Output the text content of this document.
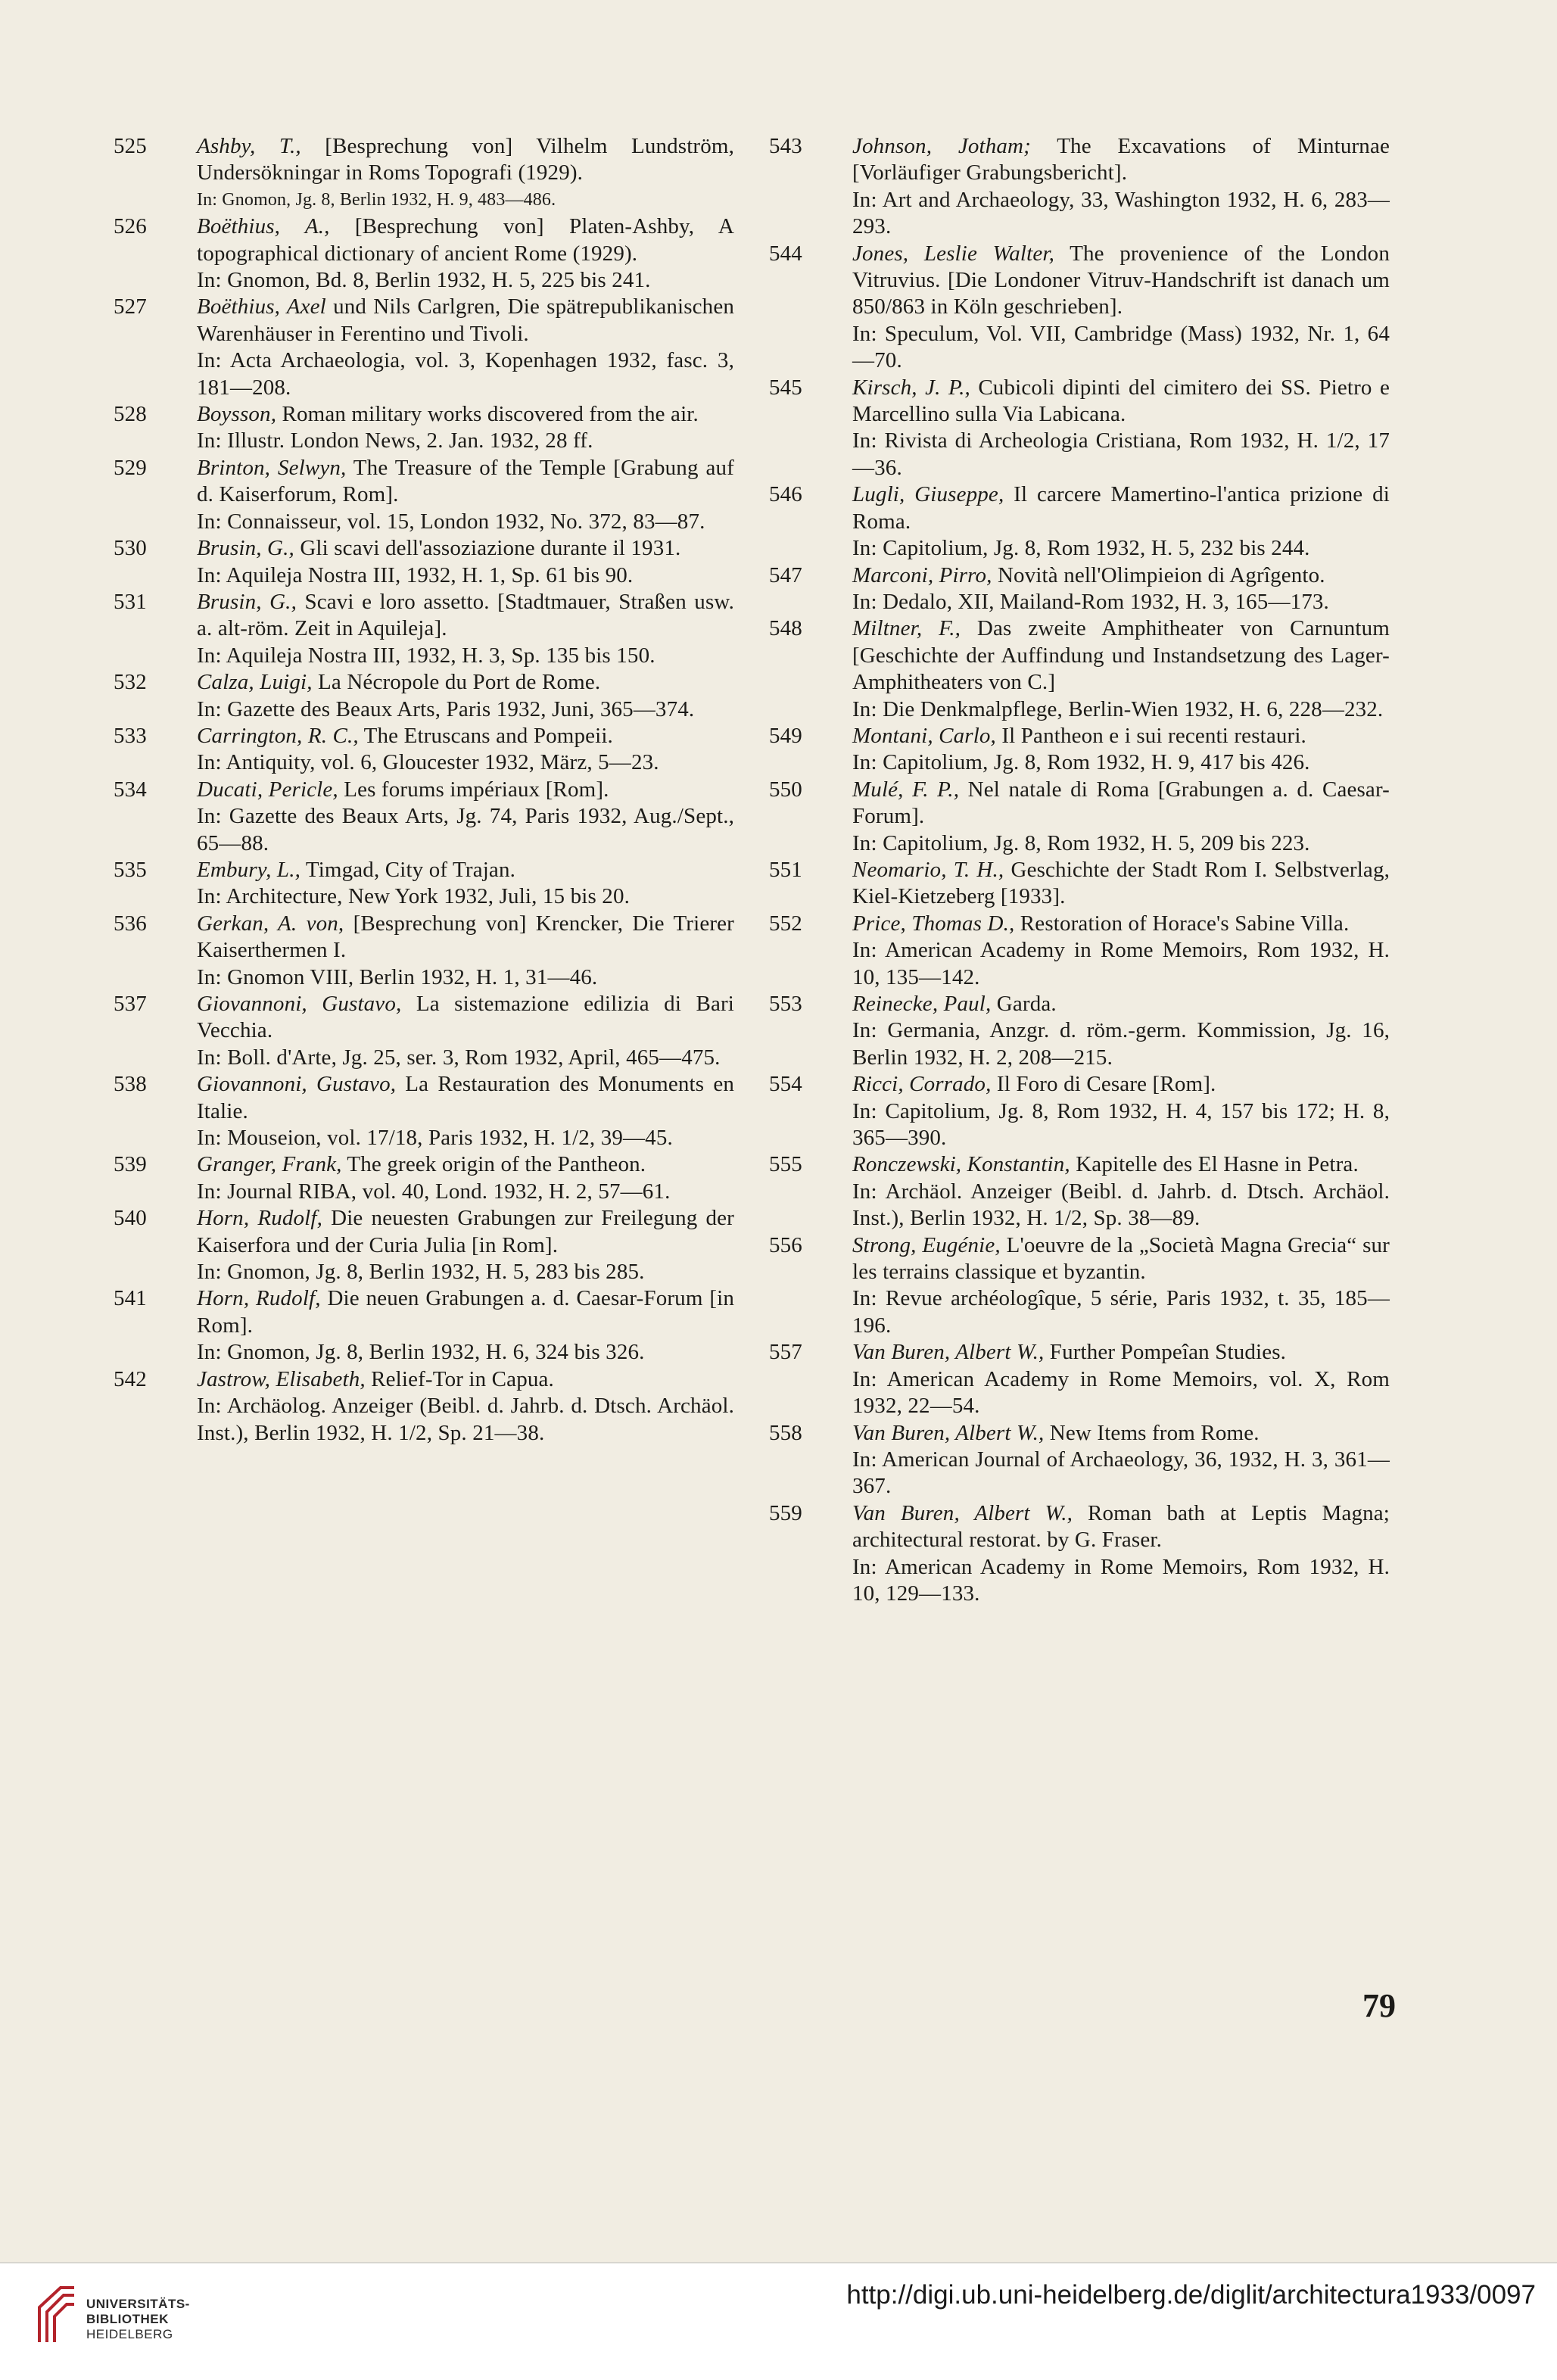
525	Ashby, T., [Besprechung von] Vilhelm Lundström, Undersökningar in Roms Topografi (1929).
In: Gnomon, Jg. 8, Berlin 1932, H. 9, 483—486.
526	Boëthius, A., [Besprechung von] Platen-Ashby, A topographical dictionary of ancient Rome (1929).
In: Gnomon, Bd. 8, Berlin 1932, H. 5, 225 bis 241.
527	Boëthius, Axel und Nils Carlgren, Die spätrepublikanischen Warenhäuser in Ferentino und Tivoli.
In: Acta Archaeologia, vol. 3, Kopenhagen 1932, fasc. 3, 181—208.
528	Boysson, Roman military works discovered from the air.
In: Illustr. London News, 2. Jan. 1932, 28 ff.
529	Brinton, Selwyn, The Treasure of the Temple [Grabung auf d. Kaiserforum, Rom].
In: Connaisseur, vol. 15, London 1932, No. 372, 83—87.
530	Brusin, G., Gli scavi dell'assoziazione durante il 1931.
In: Aquileja Nostra III, 1932, H. 1, Sp. 61 bis 90.
531	Brusin, G., Scavi e loro assetto. [Stadtmauer, Straßen usw. a. alt-röm. Zeit in Aquileja].
In: Aquileja Nostra III, 1932, H. 3, Sp. 135 bis 150.
532	Calza, Luigi, La Nécropole du Port de Rome.
In: Gazette des Beaux Arts, Paris 1932, Juni, 365—374.
533	Carrington, R. C., The Etruscans and Pompeii.
In: Antiquity, vol. 6, Gloucester 1932, März, 5—23.
534	Ducati, Pericle, Les forums impériaux [Rom].
In: Gazette des Beaux Arts, Jg. 74, Paris 1932, Aug./Sept., 65—88.
535	Embury, L., Timgad, City of Trajan.
In: Architecture, New York 1932, Juli, 15 bis 20.
536	Gerkan, A. von, [Besprechung von] Krencker, Die Trierer Kaiserthermen I.
In: Gnomon VIII, Berlin 1932, H. 1, 31—46.
537	Giovannoni, Gustavo, La sistemazione edilizia di Bari Vecchia.
In: Boll. d'Arte, Jg. 25, ser. 3, Rom 1932, April, 465—475.
538	Giovannoni, Gustavo, La Restauration des Monuments en Italie.
In: Mouseion, vol. 17/18, Paris 1932, H. 1/2, 39—45.
539	Granger, Frank, The greek origin of the Pantheon.
In: Journal RIBA, vol. 40, Lond. 1932, H. 2, 57—61.
540	Horn, Rudolf, Die neuesten Grabungen zur Freilegung der Kaiserfora und der Curia Julia [in Rom].
In: Gnomon, Jg. 8, Berlin 1932, H. 5, 283 bis 285.
541	Horn, Rudolf, Die neuen Grabungen a. d. Caesar-Forum [in Rom].
In: Gnomon, Jg. 8, Berlin 1932, H. 6, 324 bis 326.
542	Jastrow, Elisabeth, Relief-Tor in Capua.
In: Archäolog. Anzeiger (Beibl. d. Jahrb. d. Dtsch. Archäol. Inst.), Berlin 1932, H. 1/2, Sp. 21—38.
543	Johnson, Jotham; The Excavations of Minturnae [Vorläufiger Grabungsbericht].
In: Art and Archaeology, 33, Washington 1932, H. 6, 283—293.
544	Jones, Leslie Walter, The provenience of the London Vitruvius. [Die Londoner Vitruv-Handschrift ist danach um 850/863 in Köln geschrieben].
In: Speculum, Vol. VII, Cambridge (Mass) 1932, Nr. 1, 64—70.
545	Kirsch, J. P., Cubicoli dipinti del cimitero dei SS. Pietro e Marcellino sulla Via Labicana.
In: Rivista di Archeologia Cristiana, Rom 1932, H. 1/2, 17—36.
546	Lugli, Giuseppe, Il carcere Mamertino-l'antica prizione di Roma.
In: Capitolium, Jg. 8, Rom 1932, H. 5, 232 bis 244.
547	Marconi, Pirro, Novità nell'Olimpieion di Agrîgento.
In: Dedalo, XII, Mailand-Rom 1932, H. 3, 165—173.
548	Miltner, F., Das zweite Amphitheater von Carnuntum [Geschichte der Auffindung und Instandsetzung des Lager-Amphitheaters von C.]
In: Die Denkmalpflege, Berlin-Wien 1932, H. 6, 228—232.
549	Montani, Carlo, Il Pantheon e i sui recenti restauri.
In: Capitolium, Jg. 8, Rom 1932, H. 9, 417 bis 426.
550	Mulé, F. P., Nel natale di Roma [Grabungen a. d. Caesar-Forum].
In: Capitolium, Jg. 8, Rom 1932, H. 5, 209 bis 223.
551	Neomario, T. H., Geschichte der Stadt Rom I. Selbstverlag, Kiel-Kietzeberg [1933].
552	Price, Thomas D., Restoration of Horace's Sabine Villa.
In: American Academy in Rome Memoirs, Rom 1932, H. 10, 135—142.
553	Reinecke, Paul, Garda.
In: Germania, Anzgr. d. röm.-germ. Kommission, Jg. 16, Berlin 1932, H. 2, 208—215.
554	Ricci, Corrado, Il Foro di Cesare [Rom].
In: Capitolium, Jg. 8, Rom 1932, H. 4, 157 bis 172; H. 8, 365—390.
555	Ronczewski, Konstantin, Kapitelle des El Hasne in Petra.
In: Archäol. Anzeiger (Beibl. d. Jahrb. d. Dtsch. Archäol. Inst.), Berlin 1932, H. 1/2, Sp. 38—89.
556	Strong, Eugénie, L'oeuvre de la „Società Magna Grecia“ sur les terrains classique et byzantin.
In: Revue archéologîque, 5 série, Paris 1932, t. 35, 185—196.
557	Van Buren, Albert W., Further Pompeîan Studies.
In: American Academy in Rome Memoirs, vol. X, Rom 1932, 22—54.
558	Van Buren, Albert W., New Items from Rome.
In: American Journal of Archaeology, 36, 1932, H. 3, 361—367.
559	Van Buren, Albert W., Roman bath at Leptis Magna; architectural restorat. by G. Fraser.
In: American Academy in Rome Memoirs, Rom 1932, H. 10, 129—133.
79
UNIVERSITÄTS-
BIBLIOTHEK
HEIDELBERG
http://digi.ub.uni-heidelberg.de/diglit/architectura1933/0097
